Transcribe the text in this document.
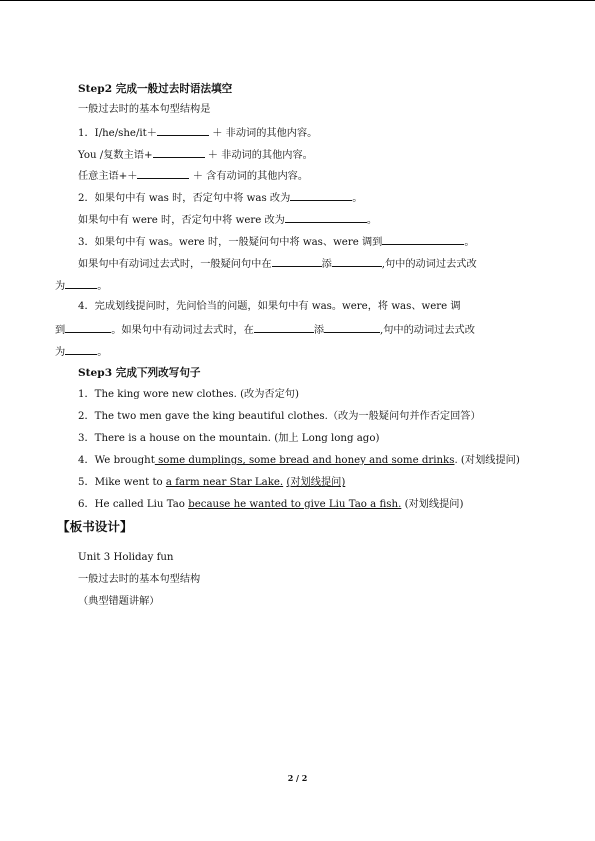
Step2 完成一般过去时语法填空
一般过去时的基本句型结构是
1．I/he/she/it＋	＋ 非动词的其他内容。
You /复数主语+	＋ 非动词的其他内容。
任意主语+＋	＋ 含有动词的其他内容。
2．如果句中有 was 时，否定句中将 was 改为	。
如果句中有 were 时，否定句中将 were 改为	。
3．如果句中有 was。were 时，一般疑问句中将 was、were 调到	。
如果句中有动词过去式时，一般疑问句中在	添	,句中的动词过去式改
为	。
4．完成划线提问时，先问恰当的问题，如果句中有 was。were，将 was、were 调
到	。如果句中有动词过去式时，在	添	,句中的动词过去式改
为	。
Step3 完成下列改写句子
1．The king wore new clothes. (改为否定句)
2．The two men gave the king beautiful clothes.（改为一般疑问句并作否定回答）
3．There is a house on the mountain. (加上 Long long ago)
4．We brought some dumplings, some bread and honey and some drinks. (对划线提问)
5．Mike went to a farm near Star Lake. (对划线提问)
6．He called Liu Tao because he wanted to give Liu Tao a fish. (对划线提问)
【板书设计】
Unit 3 Holiday fun
一般过去时的基本句型结构
（典型错题讲解）
2 / 2
